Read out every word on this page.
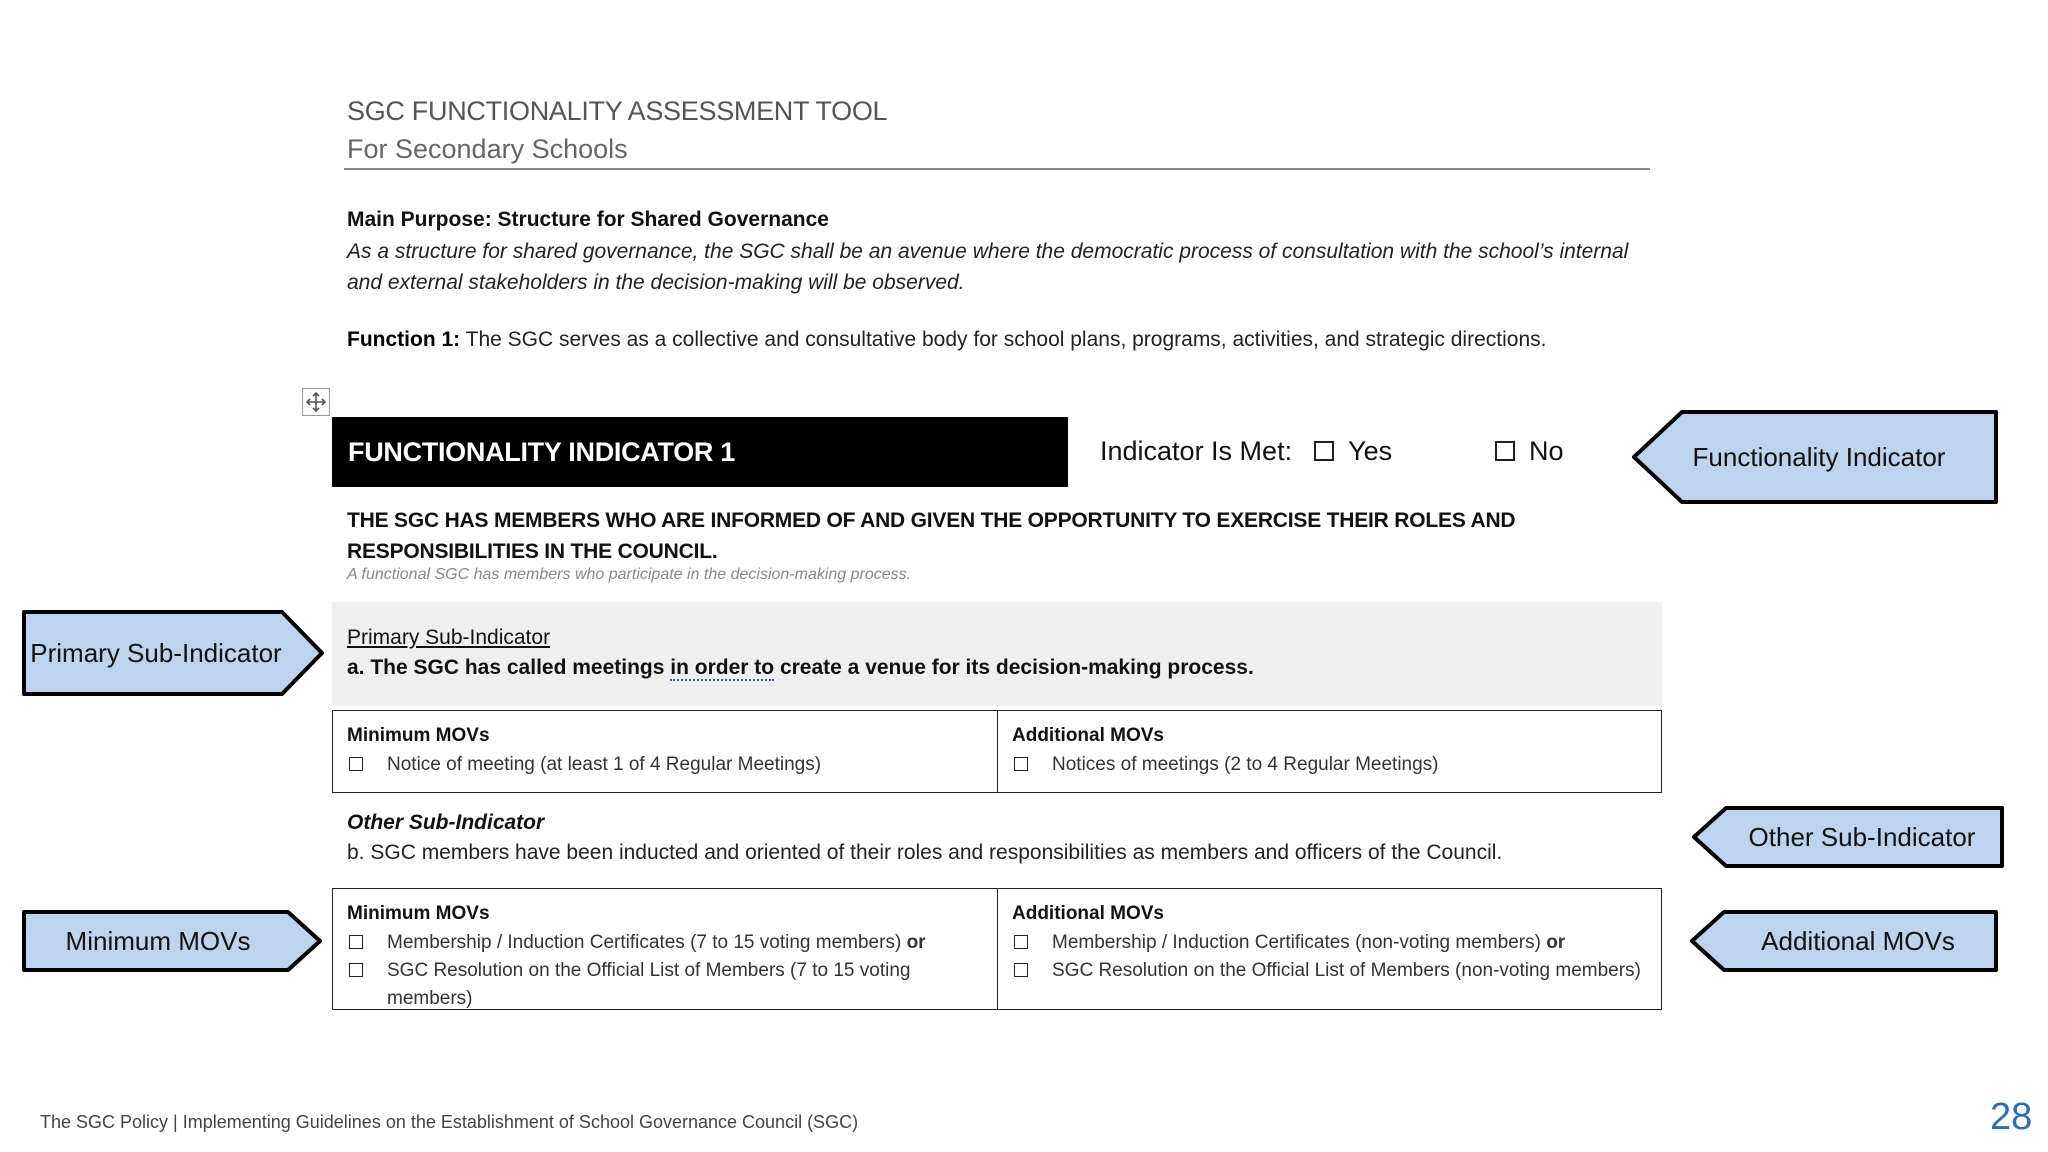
SGC FUNCTIONALITY ASSESSMENT TOOL
For Secondary Schools
Main Purpose: Structure for Shared Governance
As a structure for shared governance, the SGC shall be an avenue where the democratic process of consultation with the school’s internal and external stakeholders in the decision-making will be observed.
Function 1: The SGC serves as a collective and consultative body for school plans, programs, activities, and strategic directions.
FUNCTIONALITY INDICATOR 1	Indicator Is Met: Yes	No
THE SGC HAS MEMBERS WHO ARE INFORMED OF AND GIVEN THE OPPORTUNITY TO EXERCISE THEIR ROLES AND RESPONSIBILITIES IN THE COUNCIL.
A functional SGC has members who participate in the decision-making process.
Primary Sub-Indicator
a. The SGC has called meetings in order to create a venue for its decision-making process.
Minimum MOVs
Notice of meeting (at least 1 of 4 Regular Meetings)
Additional MOVs
Notices of meetings (2 to 4 Regular Meetings)
Other Sub-Indicator
b. SGC members have been inducted and oriented of their roles and responsibilities as members and officers of the Council.
Minimum MOVs
Membership / Induction Certificates (7 to 15 voting members) or
SGC Resolution on the Official List of Members (7 to 15 voting members)
Additional MOVs
Membership / Induction Certificates (non-voting members) or
SGC Resolution on the Official List of Members (non-voting members)
Functionality Indicator
Other Sub-Indicator
Additional MOVs
Primary Sub-Indicator
Minimum MOVs
The SGC Policy | Implementing Guidelines on the Establishment of School Governance Council (SGC)	28
